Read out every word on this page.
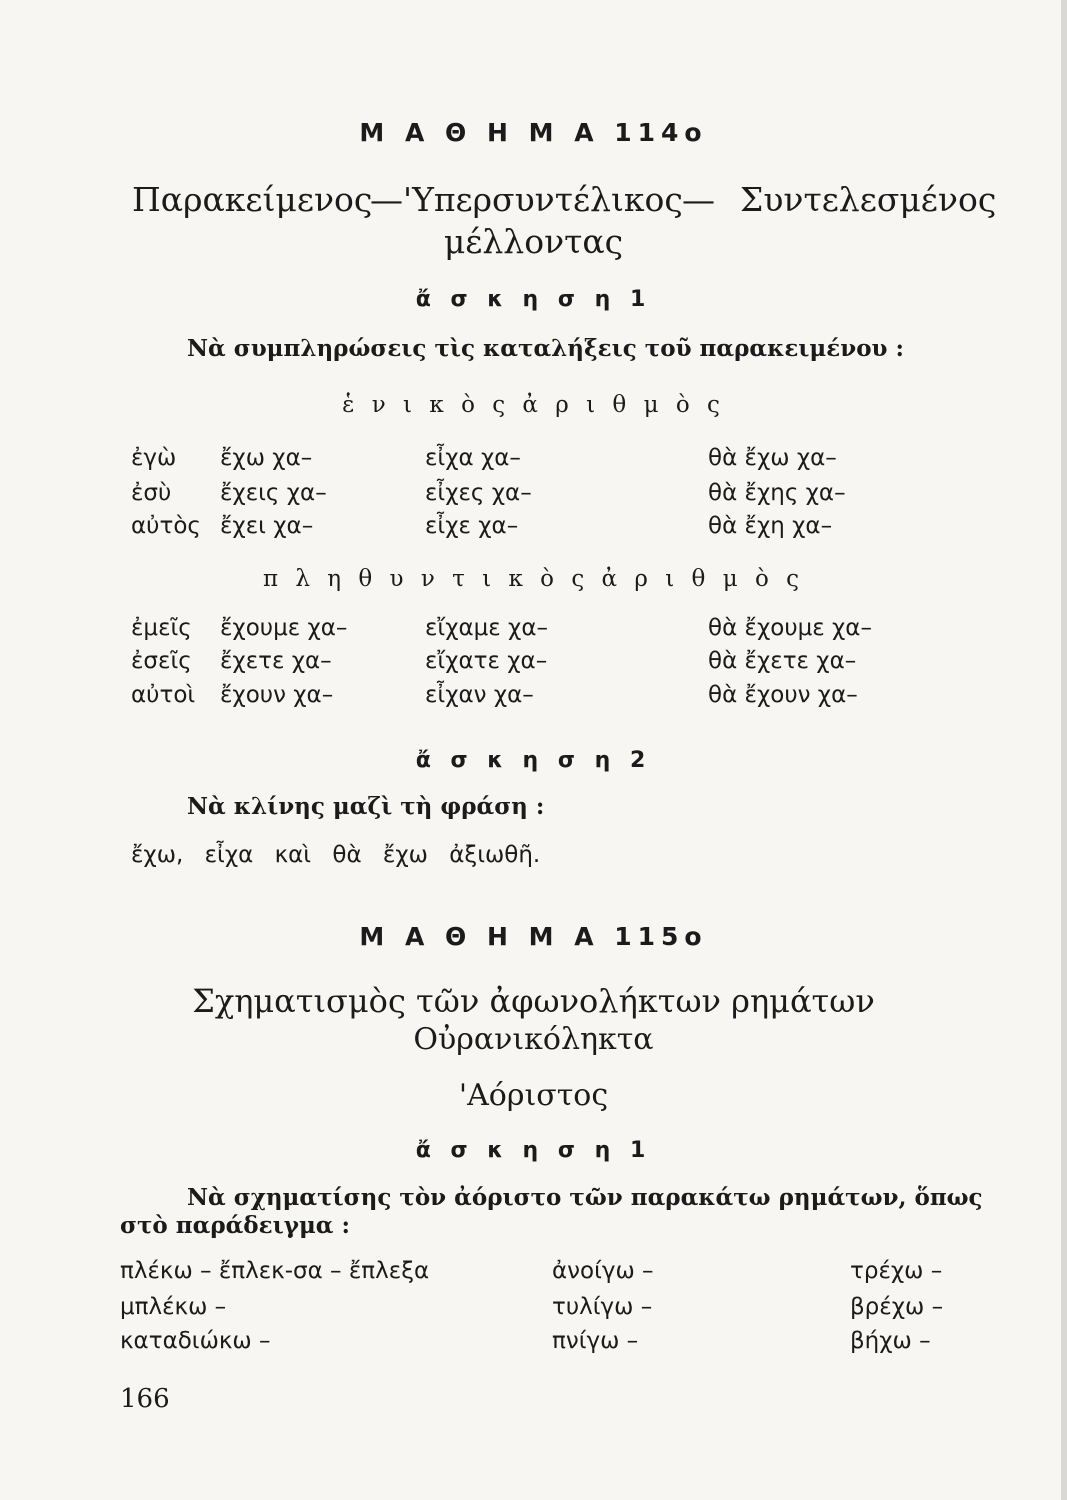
Μ Α Θ Η Μ Α 114ο
Παρακείμενος
—'Υπερσυντέλικος — Συντελεσμένος
μέλλοντας
ἄ σ κ η σ η 1
Νὰ συμπληρώσεις τὶς καταλήξεις τοῦ παρακειμένου :
ἑ ν ι κ ὸ ς ἀ ρ ι θ μ ὸ ς
ἐγὼ ἔχω χα–	εἶχα χα–	θὰ ἔχω χα–
ἐσὺ ἔχεις χα–	εἶχες χα–	θὰ ἔχης χα–
αὐτὸς ἔχει χα–	εἶχε χα–	θὰ ἔχη χα–
π λ η θ υ ν τ ι κ ὸ ς ἀ ρ ι θ μ ὸ ς
ἐμεῖς ἔχουμε χα–	εἴχαμε χα–	θὰ ἔχουμε χα–
ἐσεῖς ἔχετε χα–	εἴχατε χα–	θὰ ἔχετε χα–
αὐτοὶ ἔχουν χα–	εἶχαν χα–	θὰ ἔχουν χα–
ἄ σ κ η σ η 2
Νὰ κλίνης μαζὶ τὴ φράση :
ἔχω, εἶχα καὶ θὰ ἔχω ἀξιωθῆ.
Μ Α Θ Η Μ Α 115ο
Σχηματισμὸς τῶν ἀφωνολήκτων ρημάτων
Οὐρανικόληκτα
'Αόριστος
ἄ σ κ η σ η 1
Νὰ σχηματίσης τὸν ἀόριστο τῶν παρακάτω ρημάτων, ὅπως
στὸ παράδειγμα :
πλέκω – ἔπλεκ-σα – ἔπλεξα	ἀνοίγω –	τρέχω –
μπλέκω –	τυλίγω –	βρέχω –
καταδιώκω –	πνίγω –	βήχω –
166
